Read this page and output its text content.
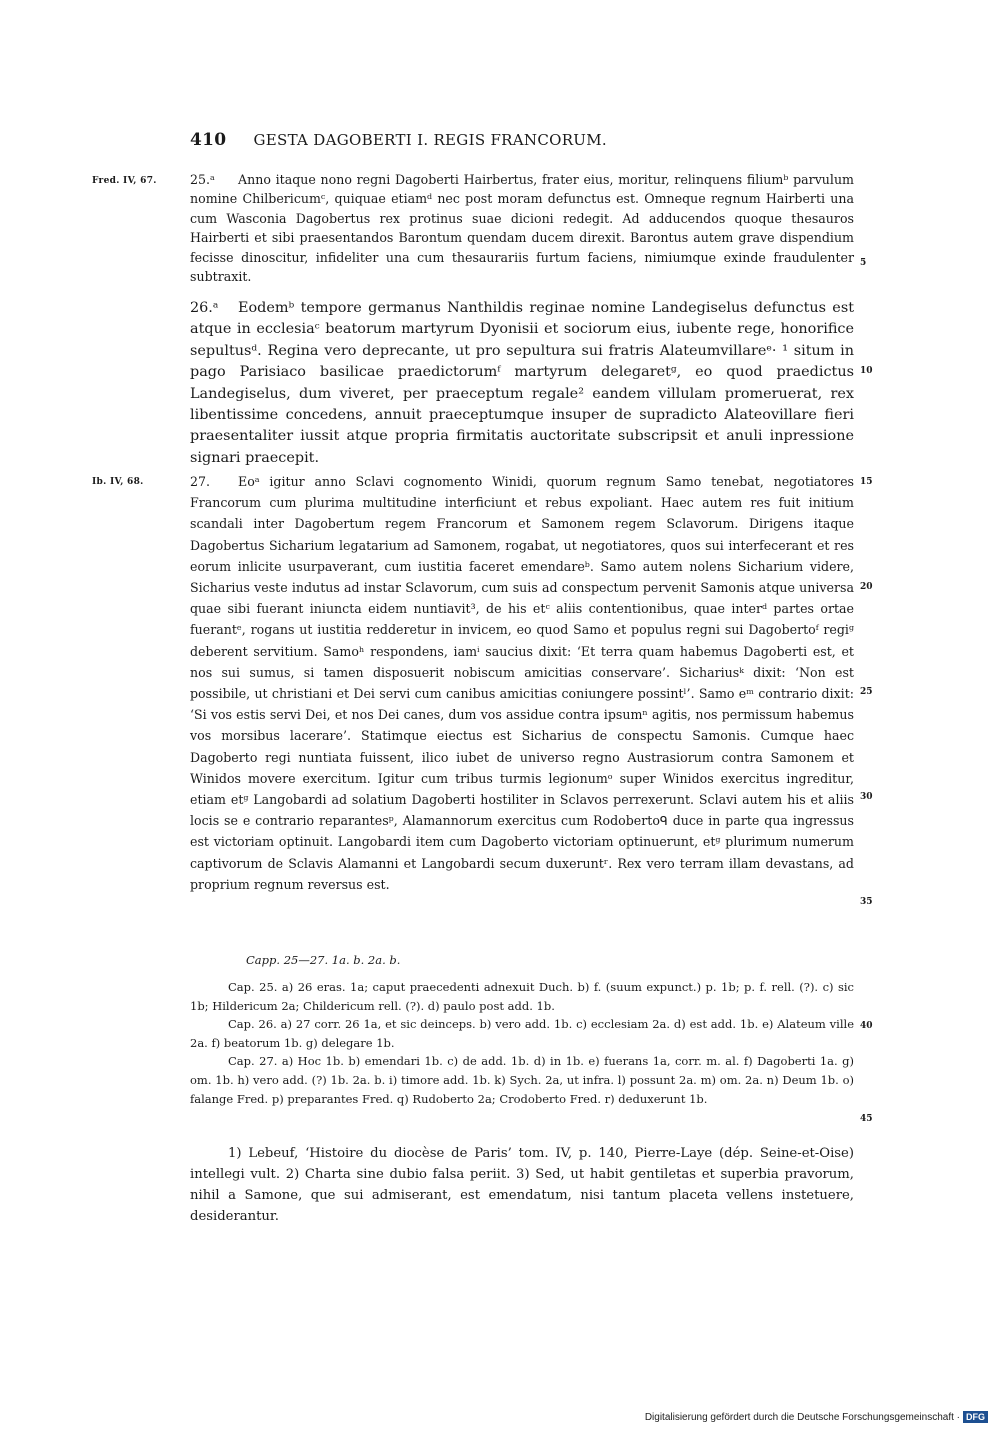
410 GESTA DAGOBERTI I. REGIS FRANCORUM.
Fred. IV, 67.
Ib. IV, 68.
5
10
15
20
25
30
35
40
45
25.ᵃ Anno itaque nono regni Dagoberti Hairbertus, frater eius, moritur, relinquens filiumᵇ parvulum nomine Chilbericumᶜ, quiquae etiamᵈ nec post moram defunctus est. Omneque regnum Hairberti una cum Wasconia Dagobertus rex protinus suae dicioni redegit. Ad adducendos quoque thesauros Hairberti et sibi praesentandos Barontum quendam ducem direxit. Barontus autem grave dispendium fecisse dinoscitur, infideliter una cum thesaurariis furtum faciens, nimiumque exinde fraudulenter subtraxit.
26.ᵃ Eodemᵇ tempore germanus Nanthildis reginae nomine Landegiselus defunctus est atque in ecclesiaᶜ beatorum martyrum Dyonisii et sociorum eius, iubente rege, honorifice sepultusᵈ. Regina vero deprecante, ut pro sepultura sui fratris Alateumvillareᵉ· ¹ situm in pago Parisiaco basilicae praedictorumᶠ martyrum delegaretᵍ, eo quod praedictus Landegiselus, dum viveret, per praeceptum regale² eandem villulam promeruerat, rex libentissime concedens, annuit praeceptumque insuper de supradicto Alateovillare fieri praesentaliter iussit atque propria firmitatis auctoritate subscripsit et anuli inpressione signari praecepit.
27. Eoᵃ igitur anno Sclavi cognomento Winidi, quorum regnum Samo tenebat, negotiatores Francorum cum plurima multitudine interficiunt et rebus expoliant. Haec autem res fuit initium scandali inter Dagobertum regem Francorum et Samonem regem Sclavorum. Dirigens itaque Dagobertus Sicharium legatarium ad Samonem, rogabat, ut negotiatores, quos sui interfecerant et res eorum inlicite usurpaverant, cum iustitia faceret emendareᵇ. Samo autem nolens Sicharium videre, Sicharius veste indutus ad instar Sclavorum, cum suis ad conspectum pervenit Samonis atque universa quae sibi fuerant iniuncta eidem nuntiavit³, de his etᶜ aliis contentionibus, quae interᵈ partes ortae fuerantᵉ, rogans ut iustitia redderetur in invicem, eo quod Samo et populus regni sui Dagobertoᶠ regiᵍ deberent servitium. Samoʰ respondens, iamⁱ saucius dixit: ‘Et terra quam habemus Dagoberti est, et nos sui sumus, si tamen disposuerit nobiscum amicitias conservare’. Sichariusᵏ dixit: ‘Non est possibile, ut christiani et Dei servi cum canibus amicitias coniungere possintˡ’. Samo eᵐ contrario dixit: ‘Si vos estis servi Dei, et nos Dei canes, dum vos assidue contra ipsumⁿ agitis, nos permissum habemus vos morsibus lacerare’. Statimque eiectus est Sicharius de conspectu Samonis. Cumque haec Dagoberto regi nuntiata fuissent, ilico iubet de universo regno Austrasiorum contra Samonem et Winidos movere exercitum. Igitur cum tribus turmis legionumᵒ super Winidos exercitus ingreditur, etiam etᵍ Langobardi ad solatium Dagoberti hostiliter in Sclavos perrexerunt. Sclavi autem his et aliis locis se e contrario reparantesᵖ, Alamannorum exercitus cum Rodobertoᑫ duce in parte qua ingressus est victoriam optinuit. Langobardi item cum Dagoberto victoriam optinuerunt, etᵍ plurimum numerum captivorum de Sclavis Alamanni et Langobardi secum duxeruntʳ. Rex vero terram illam devastans, ad proprium regnum reversus est.
Capp. 25—27. 1a. b. 2a. b.

Cap. 25. a) 26 eras. 1a; caput praecedenti adnexuit Duch. b) f. (suum expunct.) p. 1b; p. f. rell. (?). c) sic 1b; Hildericum 2a; Childericum rell. (?). d) paulo post add. 1b.

Cap. 26. a) 27 corr. 26 1a, et sic deinceps. b) vero add. 1b. c) ecclesiam 2a. d) est add. 1b. e) Alateum ville 2a. f) beatorum 1b. g) delegare 1b.

Cap. 27. a) Hoc 1b. b) emendari 1b. c) de add. 1b. d) in 1b. e) fuerans 1a, corr. m. al. f) Dagoberti 1a. g) om. 1b. h) vero add. (?) 1b. 2a. b. i) timore add. 1b. k) Sych. 2a, ut infra. l) possunt 2a. m) om. 2a. n) Deum 1b. o) falange Fred. p) preparantes Fred. q) Rudoberto 2a; Crodoberto Fred. r) deduxerunt 1b.

1) Lebeuf, ‘Histoire du diocèse de Paris’ tom. IV, p. 140, Pierre-Laye (dép. Seine-et-Oise) intellegi vult. 2) Charta sine dubio falsa periit. 3) Sed, ut habit gentiletas et superbia pravorum, nihil a Samone, que sui admiserant, est emendatum, nisi tantum placeta vellens instetuere, desiderantur.

Digitalisierung gefördert durch die Deutsche Forschungsgemeinschaft · DFG
